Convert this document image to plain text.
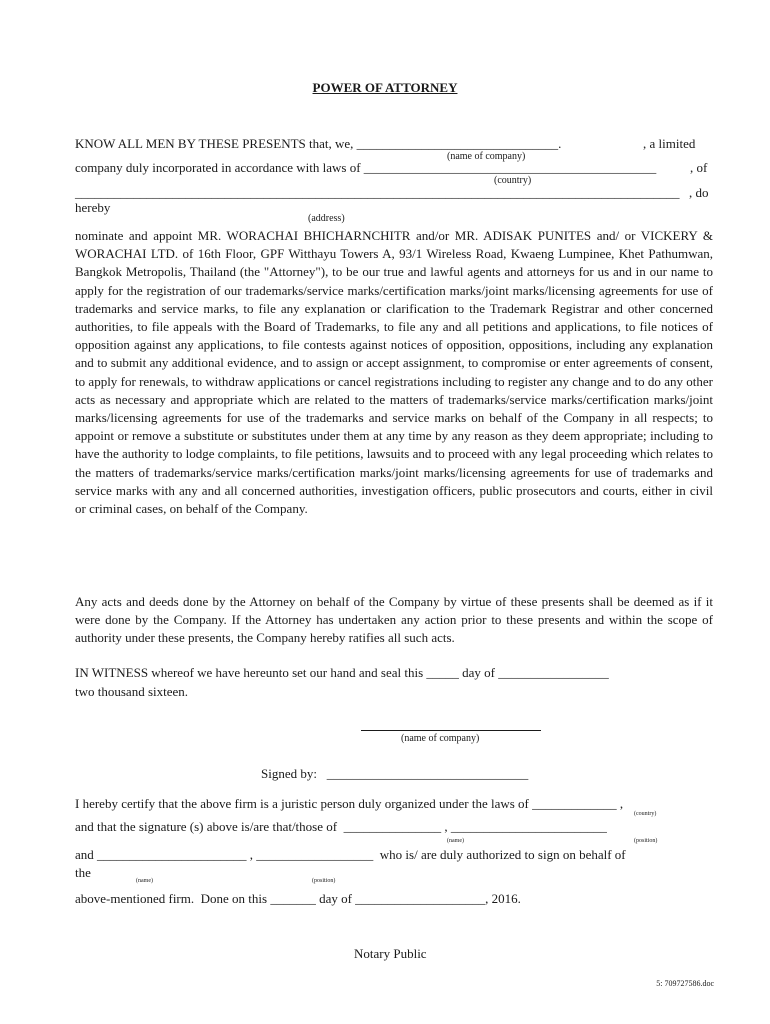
POWER OF ATTORNEY
KNOW ALL MEN BY THESE PRESENTS that, we, _______________________________.	, a limited
(name of company)
company duly incorporated in accordance with laws of _____________________________________________	, of
(country)
_____________________________________________________________________________________________ , do
hereby
(address)
nominate and appoint MR. WORACHAI BHICHARNCHITR and/or MR. ADISAK PUNITES and/ or VICKERY & WORACHAI LTD. of 16th Floor, GPF Witthayu Towers A, 93/1 Wireless Road, Kwaeng Lumpinee, Khet Pathumwan, Bangkok Metropolis, Thailand (the "Attorney"), to be our true and lawful agents and attorneys for us and in our name to apply for the registration of our trademarks/service marks/certification marks/joint marks/licensing agreements for use of trademarks and service marks, to file any explanation or clarification to the Trademark Registrar and other concerned authorities, to file appeals with the Board of Trademarks, to file any and all petitions and applications, to file notices of opposition against any applications, to file contests against notices of opposition, oppositions, including any explanation and to submit any additional evidence, and to assign or accept assignment, to compromise or enter agreements of consent, to apply for renewals, to withdraw applications or cancel registrations including to register any change and to do any other acts as necessary and appropriate which are related to the matters of trademarks/service marks/certification marks/joint marks/licensing agreements for use of the trademarks and service marks on behalf of the Company in all respects; to appoint or remove a substitute or substitutes under them at any time by any reason as they deem appropriate; including to have the authority to lodge complaints, to file petitions, lawsuits and to proceed with any legal proceeding which relates to the matters of trademarks/service marks/certification marks/joint marks/licensing agreements for use of trademarks and service marks with any and all concerned authorities, investigation officers, public prosecutors and courts, either in civil or criminal cases, on behalf of the Company.
Any acts and deeds done by the Attorney on behalf of the Company by virtue of these presents shall be deemed as if it were done by the Company. If the Attorney has undertaken any action prior to these presents and within the scope of authority under these presents, the Company hereby ratifies all such acts.
IN WITNESS whereof we have hereunto set our hand and seal this _____ day of _________________
two thousand sixteen.
(name of company)
Signed by:   _______________________________
I hereby certify that the above firm is a juristic person duly organized under the laws of _____________ ,
(country)
and that the signature (s) above is/are that/those of  _______________ , ________________________
(name)	(position)
and _______________________ , __________________  who is/ are duly authorized to sign on behalf of
the
(name)	(position)
above-mentioned firm.  Done on this _______ day of ____________________, 2016.
Notary Public
5: 709727586.doc
